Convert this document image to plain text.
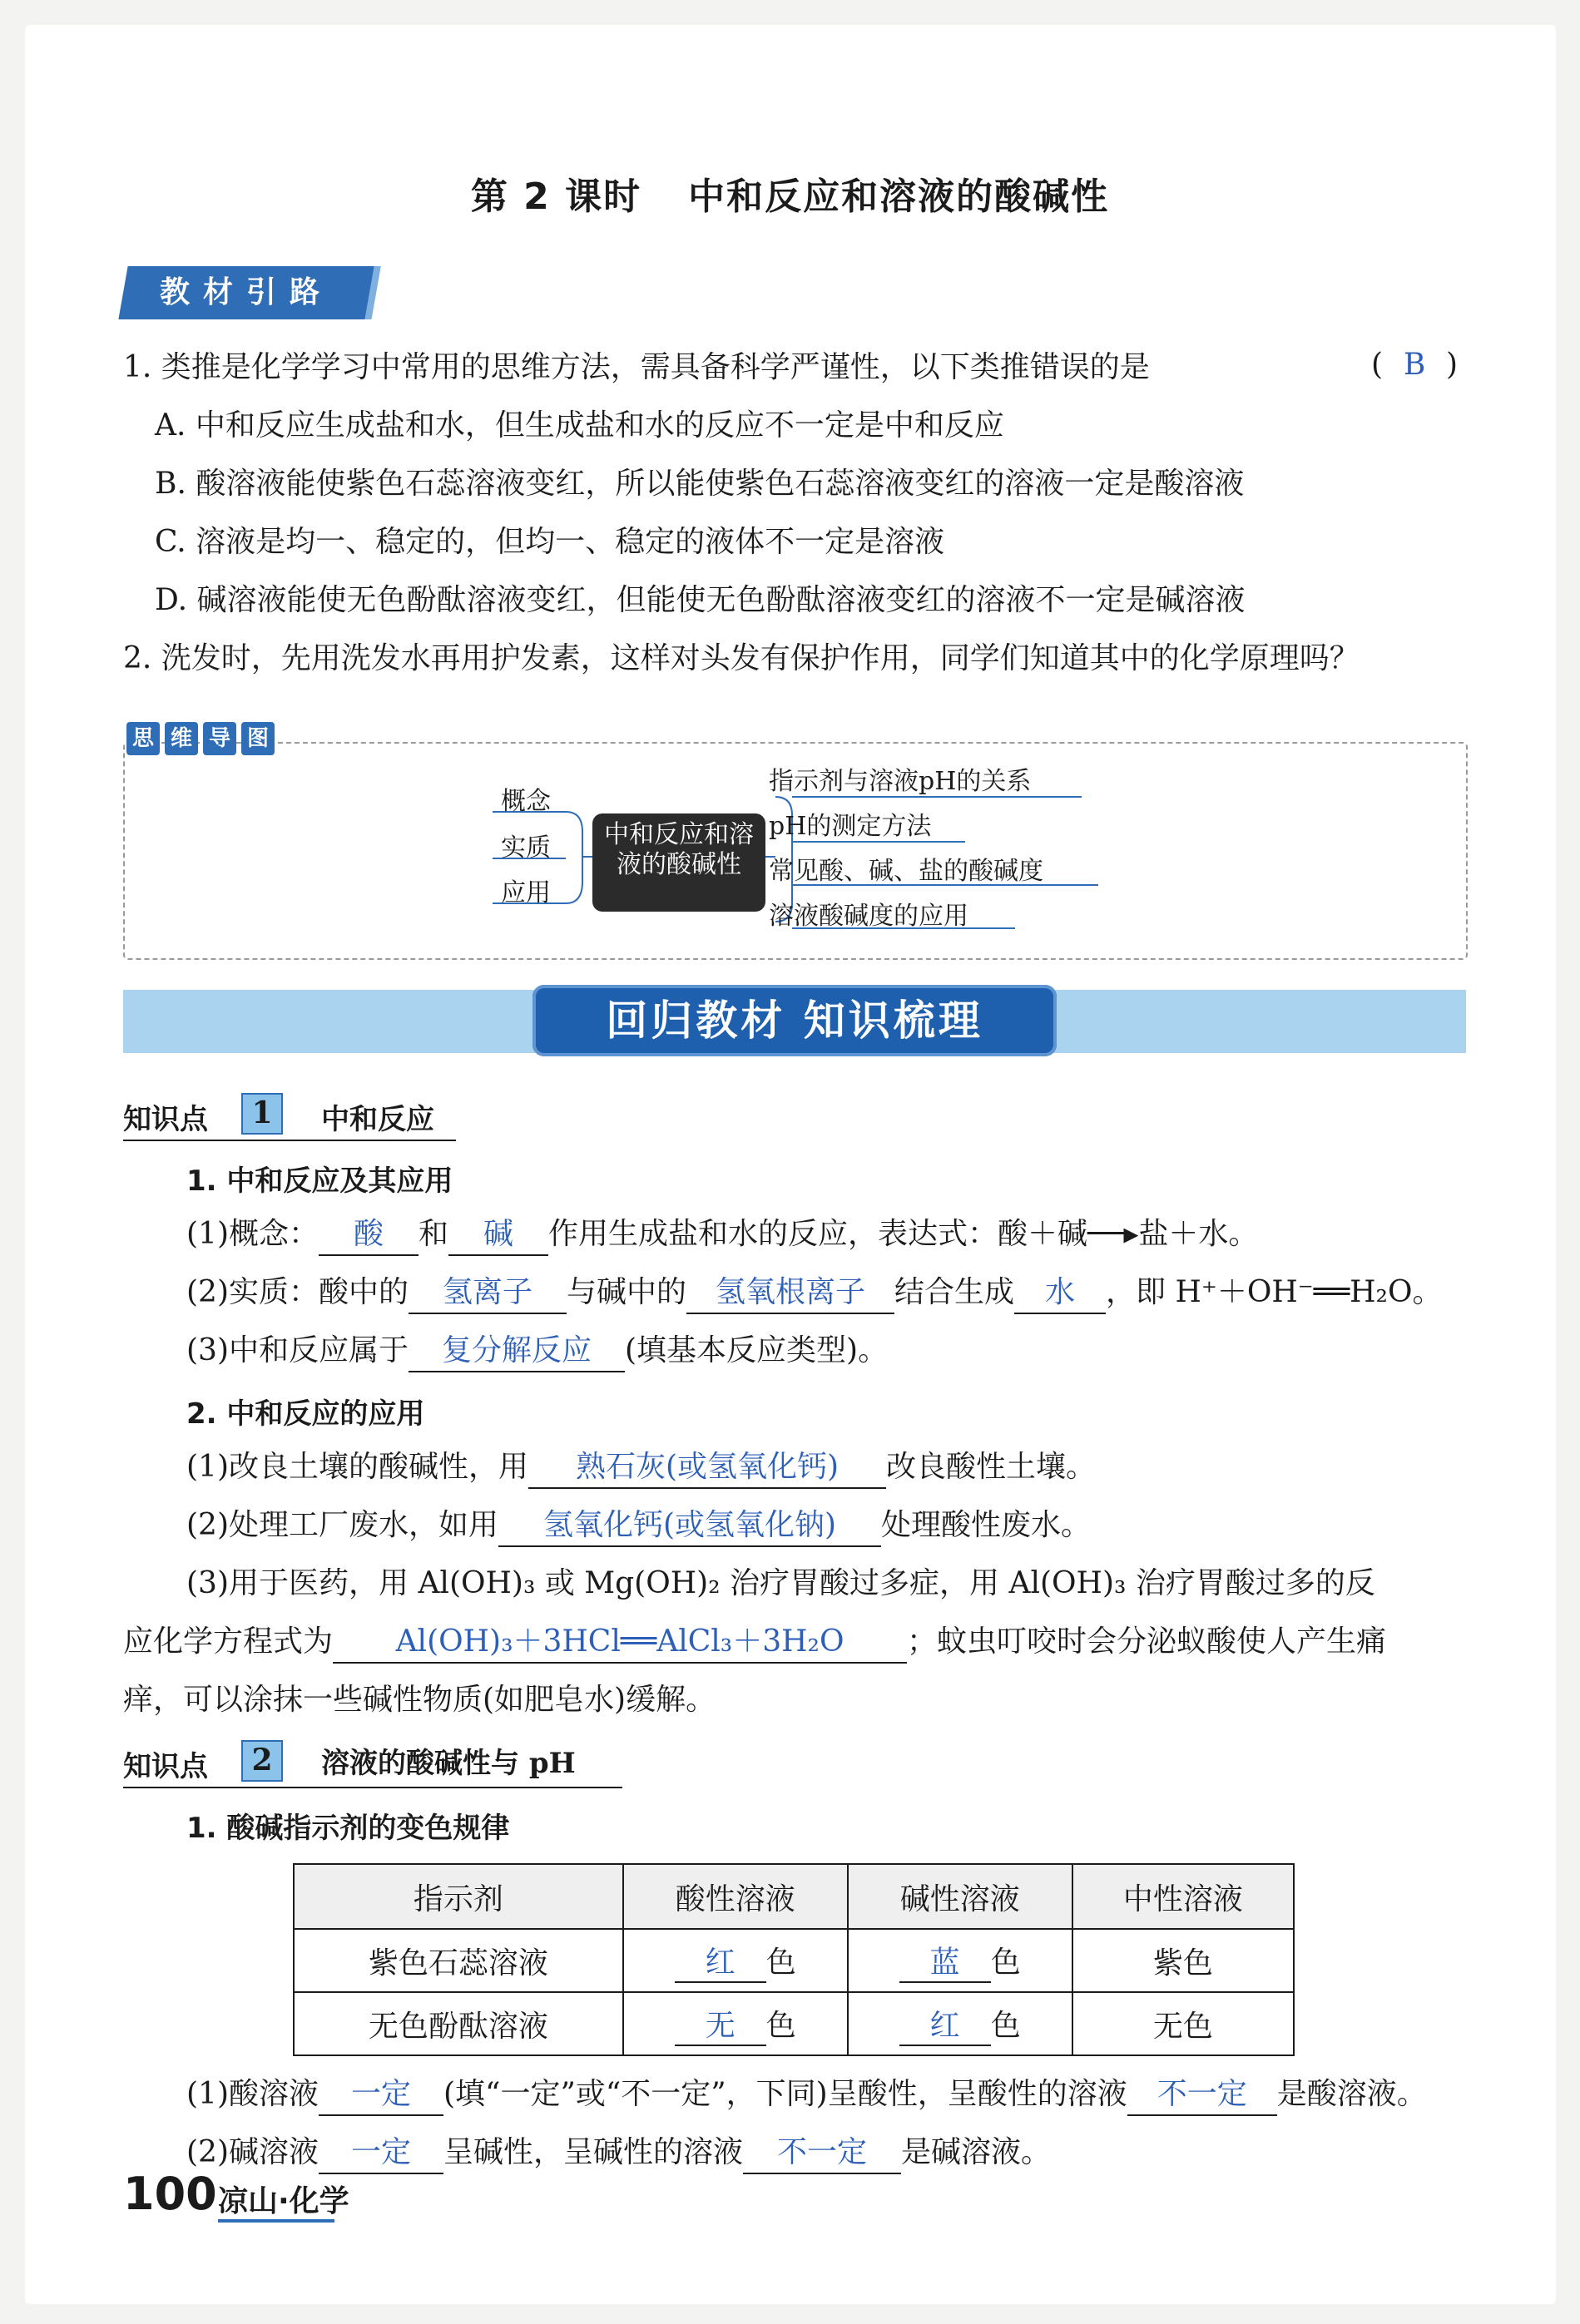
第 2 课时 中和反应和溶液的酸碱性
教材引路
1. 类推是化学学习中常用的思维方法，需具备科学严谨性，以下类推错误的是	( B )
A. 中和反应生成盐和水，但生成盐和水的反应不一定是中和反应
B. 酸溶液能使紫色石蕊溶液变红，所以能使紫色石蕊溶液变红的溶液一定是酸溶液
C. 溶液是均一、稳定的，但均一、稳定的液体不一定是溶液
D. 碱溶液能使无色酚酞溶液变红，但能使无色酚酞溶液变红的溶液不一定是碱溶液
2. 洗发时，先用洗发水再用护发素，这样对头发有保护作用，同学们知道其中的化学原理吗？
思 维 导 图
概念
实质
应用
中和反应和溶液的酸碱性
指示剂与溶液pH的关系
pH的测定方法
常见酸、碱、盐的酸碱度
溶液酸碱度的应用
回归教材 知识梳理
知识点	1	中和反应
1. 中和反应及其应用
(1)概念： 酸 和 碱 作用生成盐和水的反应，表达式：酸＋碱──▸盐＋水。
(2)实质：酸中的 氢离子 与碱中的 氢氧根离子 结合生成 水 ，即 H⁺＋OH⁻══H₂O。
(3)中和反应属于 复分解反应 (填基本反应类型)。
2. 中和反应的应用
(1)改良土壤的酸碱性，用 熟石灰(或氢氧化钙) 改良酸性土壤。
(2)处理工厂废水，如用 氢氧化钙(或氢氧化钠) 处理酸性废水。
(3)用于医药，用 Al(OH)₃ 或 Mg(OH)₂ 治疗胃酸过多症，用 Al(OH)₃ 治疗胃酸过多的反
应化学方程式为 Al(OH)₃＋3HCl══AlCl₃＋3H₂O ；蚊虫叮咬时会分泌蚁酸使人产生痛
痒，可以涂抹一些碱性物质(如肥皂水)缓解。
知识点	2	溶液的酸碱性与 pH
1. 酸碱指示剂的变色规律
指示剂	酸性溶液	碱性溶液	中性溶液
紫色石蕊溶液	红 色	蓝 色	紫色
无色酚酞溶液	无 色	红 色	无色
(1)酸溶液 一定 (填“一定”或“不一定”，下同)呈酸性，呈酸性的溶液 不一定 是酸溶液。
(2)碱溶液 一定 呈碱性，呈碱性的溶液 不一定 是碱溶液。
100 凉山·化学
